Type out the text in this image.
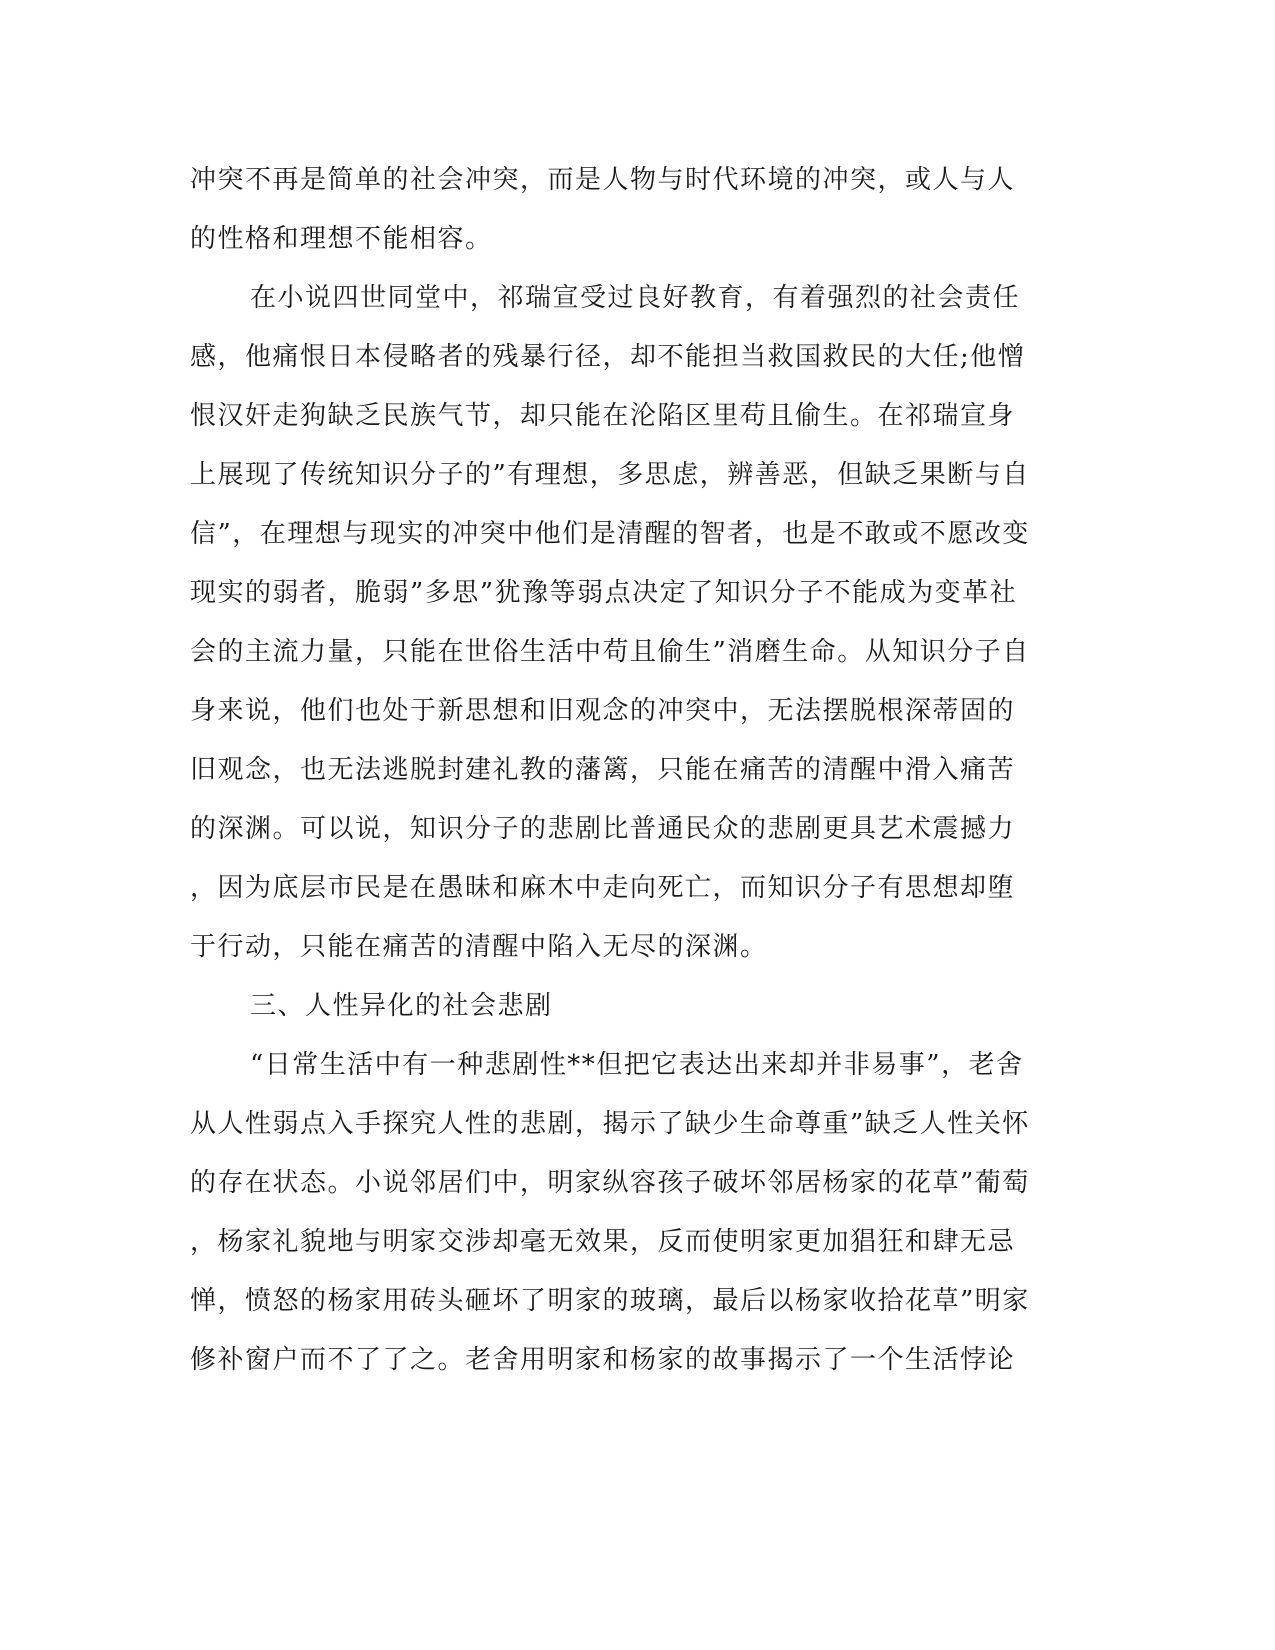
冲突不再是简单的社会冲突，而是人物与时代环境的冲突，或人与人
的性格和理想不能相容。
在小说四世同堂中，祁瑞宣受过良好教育，有着强烈的社会责任
感，他痛恨日本侵略者的残暴行径，却不能担当救国救民的大任;他憎
恨汉奸走狗缺乏民族气节，却只能在沦陷区里苟且偷生。在祁瑞宣身
上展现了传统知识分子的”有理想，多思虑，辨善恶，但缺乏果断与自
信”，在理想与现实的冲突中他们是清醒的智者，也是不敢或不愿改变
现实的弱者，脆弱”多思”犹豫等弱点决定了知识分子不能成为变革社
会的主流力量，只能在世俗生活中苟且偷生”消磨生命。从知识分子自
身来说，他们也处于新思想和旧观念的冲突中，无法摆脱根深蒂固的
旧观念，也无法逃脱封建礼教的藩篱，只能在痛苦的清醒中滑入痛苦
的深渊。可以说，知识分子的悲剧比普通民众的悲剧更具艺术震撼力
，因为底层市民是在愚昧和麻木中走向死亡，而知识分子有思想却堕
于行动，只能在痛苦的清醒中陷入无尽的深渊。
三、人性异化的社会悲剧
“日常生活中有一种悲剧性**但把它表达出来却并非易事”，老舍
从人性弱点入手探究人性的悲剧，揭示了缺少生命尊重”缺乏人性关怀
的存在状态。小说邻居们中，明家纵容孩子破坏邻居杨家的花草”葡萄
，杨家礼貌地与明家交涉却毫无效果，反而使明家更加猖狂和肆无忌
惮，愤怒的杨家用砖头砸坏了明家的玻璃，最后以杨家收拾花草”明家
修补窗户而不了了之。老舍用明家和杨家的故事揭示了一个生活悖论
